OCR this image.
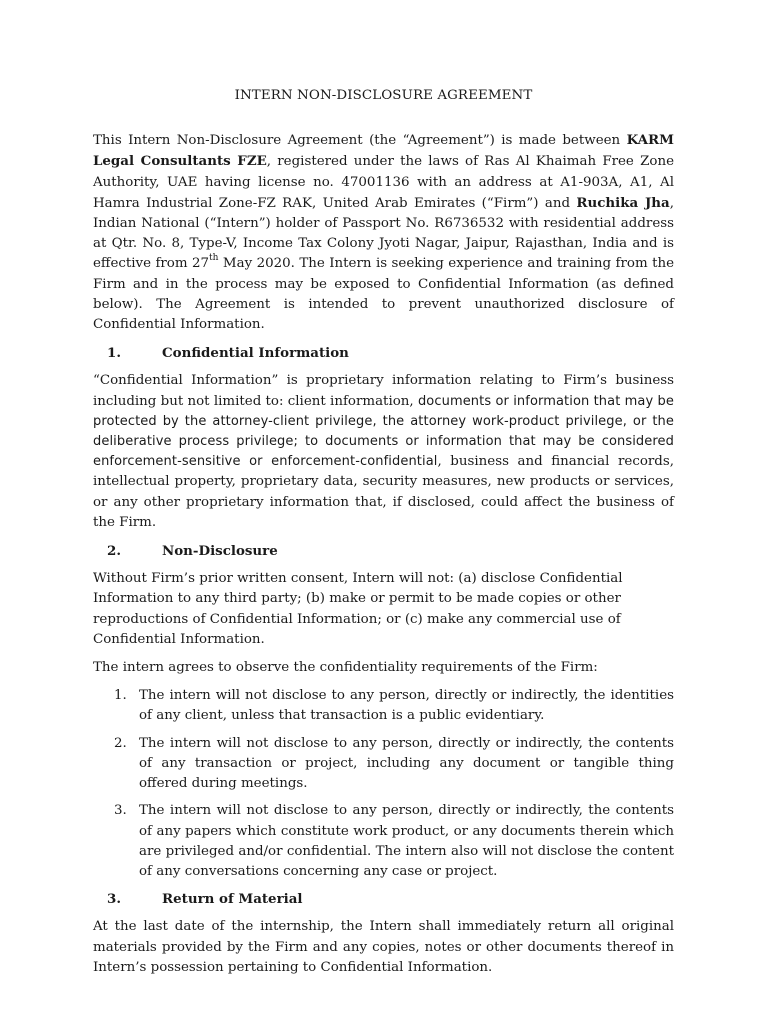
INTERN NON-DISCLOSURE AGREEMENT

This Intern Non-Disclosure Agreement (the “Agreement”) is made between KARM Legal Consultants FZE, registered under the laws of Ras Al Khaimah Free Zone Authority, UAE having license no. 47001136 with an address at A1-903A, A1, Al Hamra Industrial Zone-FZ RAK, United Arab Emirates (“Firm”) and Ruchika Jha, Indian National (“Intern”) holder of Passport No. R6736532 with residential address at Qtr. No. 8, Type-V, Income Tax Colony Jyoti Nagar, Jaipur, Rajasthan, India and is effective from 27th May 2020. The Intern is seeking experience and training from the Firm and in the process may be exposed to Confidential Information (as defined below). The Agreement is intended to prevent unauthorized disclosure of Confidential Information.

1.	Confidential Information

“Confidential Information” is proprietary information relating to Firm’s business including but not limited to: client information, documents or information that may be protected by the attorney-client privilege, the attorney work-product privilege, or the deliberative process privilege; to documents or information that may be considered enforcement-sensitive or enforcement-confidential, business and financial records, intellectual property, proprietary data, security measures, new products or services, or any other proprietary information that, if disclosed, could affect the business of the Firm.

2.	Non-Disclosure

Without Firm’s prior written consent, Intern will not: (a) disclose Confidential Information to any third party; (b) make or permit to be made copies or other reproductions of Confidential Information; or (c) make any commercial use of Confidential Information.

The intern agrees to observe the confidentiality requirements of the Firm:

1. The intern will not disclose to any person, directly or indirectly, the identities of any client, unless that transaction is a public evidentiary.
2. The intern will not disclose to any person, directly or indirectly, the contents of any transaction or project, including any document or tangible thing offered during meetings.
3. The intern will not disclose to any person, directly or indirectly, the contents of any papers which constitute work product, or any documents therein which are privileged and/or confidential. The intern also will not disclose the content of any conversations concerning any case or project.
3.	Return of Material

At the last date of the internship, the Intern shall immediately return all original materials provided by the Firm and any copies, notes or other documents thereof in Intern’s possession pertaining to Confidential Information.
